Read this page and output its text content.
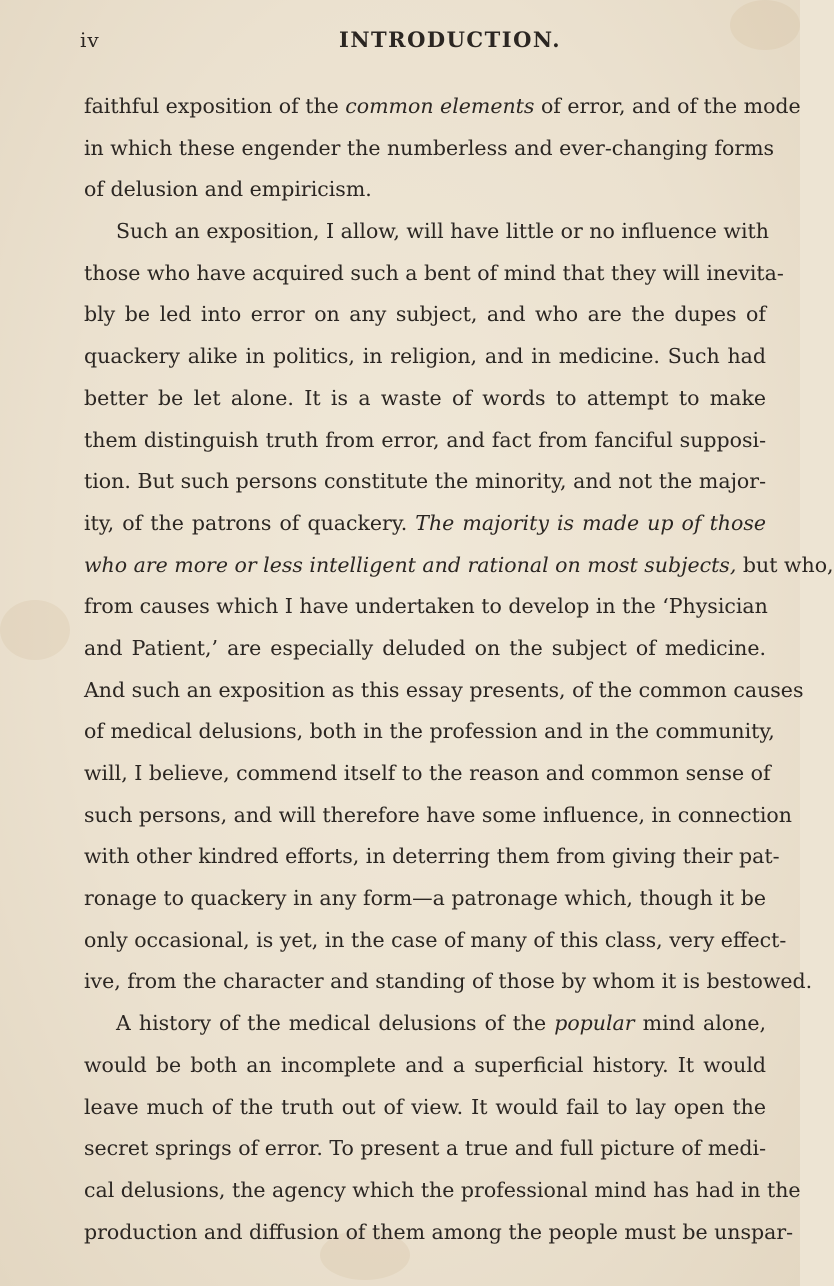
iv	INTRODUCTION.
faithful exposition of the common elements of error, and of the mode
in which these engender the numberless and ever-changing forms
of delusion and empiricism.
Such an exposition, I allow, will have little or no influence with
those who have acquired such a bent of mind that they will inevita-
bly be led into error on any subject, and who are the dupes of
quackery alike in politics, in religion, and in medicine. Such had
better be let alone. It is a waste of words to attempt to make
them distinguish truth from error, and fact from fanciful supposi-
tion. But such persons constitute the minority, and not the major-
ity, of the patrons of quackery. The majority is made up of those
who are more or less intelligent and rational on most subjects, but who,
from causes which I have undertaken to develop in the ‘Physician
and Patient,’ are especially deluded on the subject of medicine.
And such an exposition as this essay presents, of the common causes
of medical delusions, both in the profession and in the community,
will, I believe, commend itself to the reason and common sense of
such persons, and will therefore have some influence, in connection
with other kindred efforts, in deterring them from giving their pat-
ronage to quackery in any form—a patronage which, though it be
only occasional, is yet, in the case of many of this class, very effect-
ive, from the character and standing of those by whom it is bestowed.
A history of the medical delusions of the popular mind alone,
would be both an incomplete and a superficial history. It would
leave much of the truth out of view. It would fail to lay open the
secret springs of error. To present a true and full picture of medi-
cal delusions, the agency which the professional mind has had in the
production and diffusion of them among the people must be unspar-
